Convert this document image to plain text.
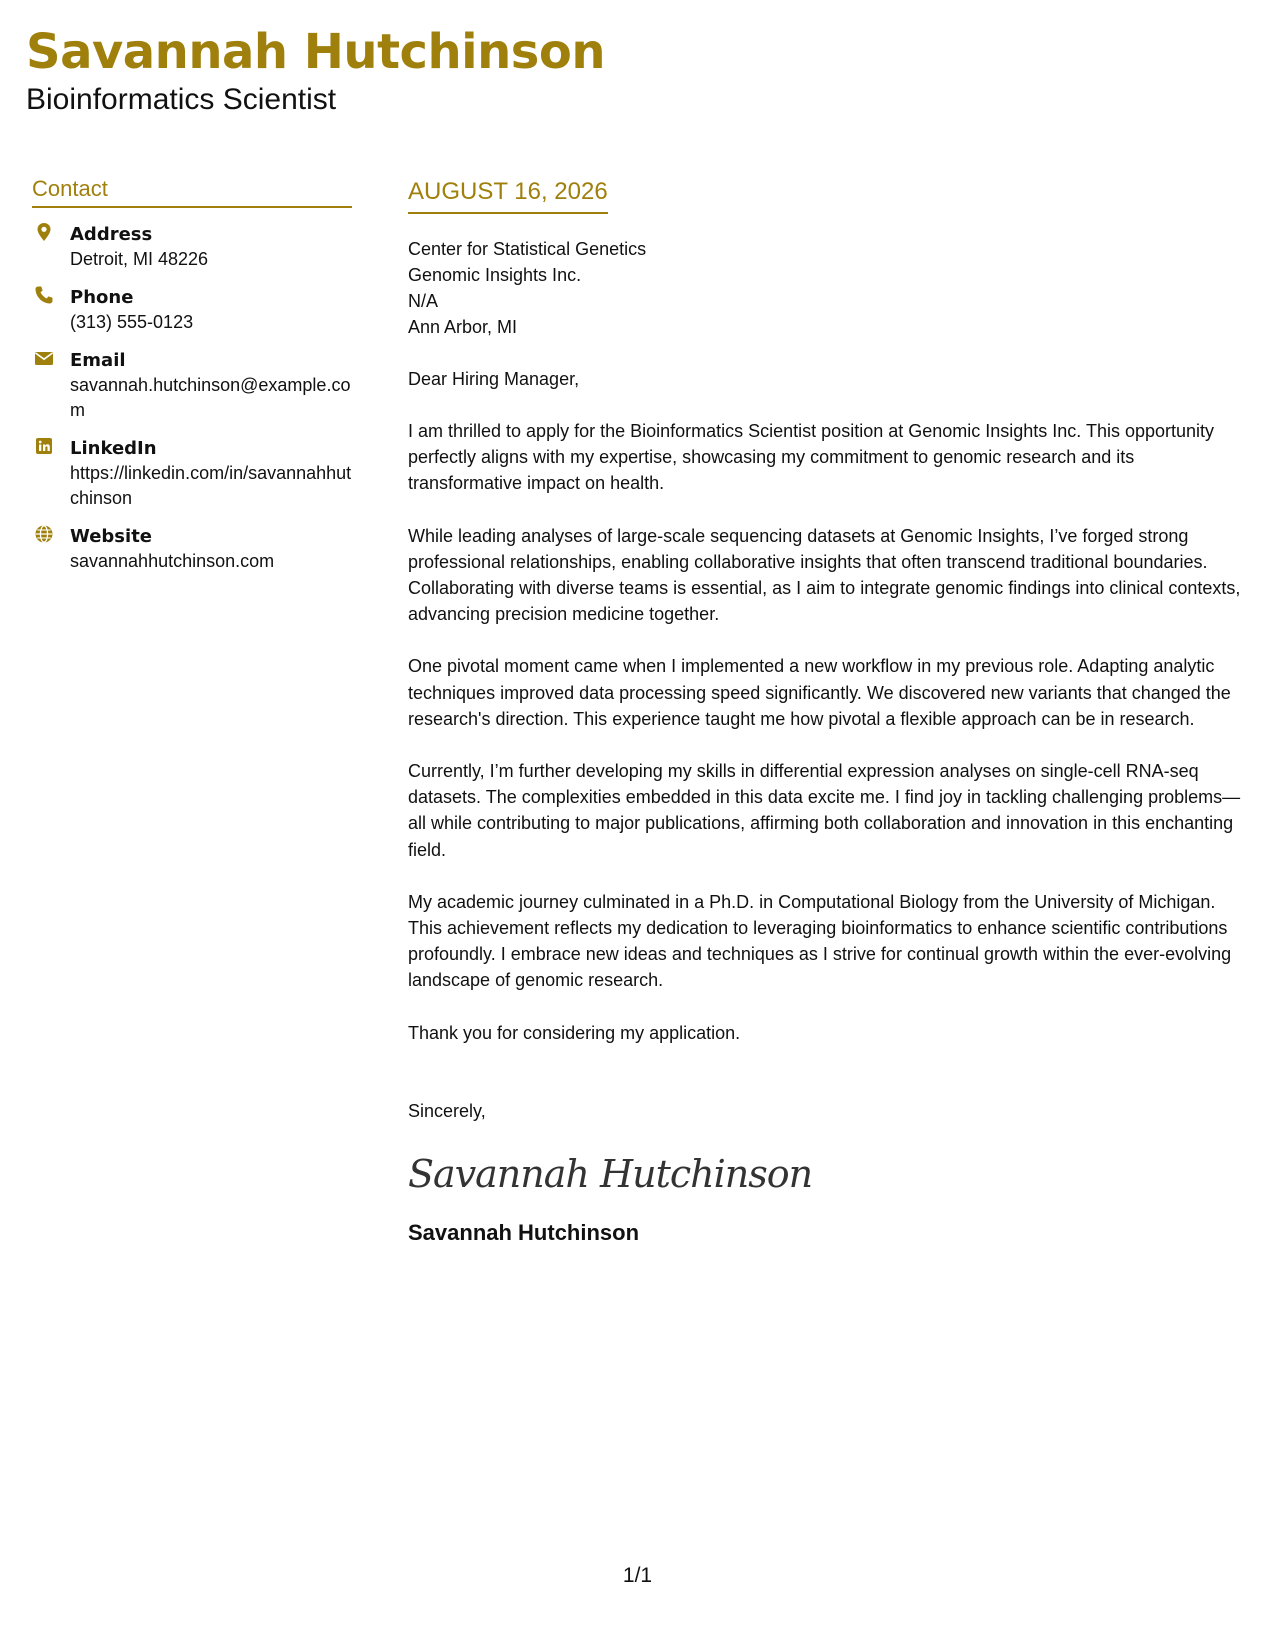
Savannah Hutchinson
Bioinformatics Scientist
Contact
Address
Detroit, MI 48226
Phone
(313) 555-0123
Email
savannah.hutchinson@example.com
LinkedIn
https://linkedin.com/in/savannahhutchinson
Website
savannahhutchinson.com
AUGUST 16, 2026
Center for Statistical Genetics
Genomic Insights Inc.
N/A
Ann Arbor, MI
Dear Hiring Manager,

I am thrilled to apply for the Bioinformatics Scientist position at Genomic Insights Inc. This opportunity perfectly aligns with my expertise, showcasing my commitment to genomic research and its transformative impact on health.

While leading analyses of large-scale sequencing datasets at Genomic Insights, I’ve forged strong professional relationships, enabling collaborative insights that often transcend traditional boundaries. Collaborating with diverse teams is essential, as I aim to integrate genomic findings into clinical contexts, advancing precision medicine together.

One pivotal moment came when I implemented a new workflow in my previous role. Adapting analytic techniques improved data processing speed significantly. We discovered new variants that changed the research's direction. This experience taught me how pivotal a flexible approach can be in research.

Currently, I’m further developing my skills in differential expression analyses on single-cell RNA-seq datasets. The complexities embedded in this data excite me. I find joy in tackling challenging problems—all while contributing to major publications, affirming both collaboration and innovation in this enchanting field.

My academic journey culminated in a Ph.D. in Computational Biology from the University of Michigan. This achievement reflects my dedication to leveraging bioinformatics to enhance scientific contributions profoundly. I embrace new ideas and techniques as I strive for continual growth within the ever-evolving landscape of genomic research.

Thank you for considering my application.

Sincerely,
Savannah Hutchinson
Savannah Hutchinson
1/1
